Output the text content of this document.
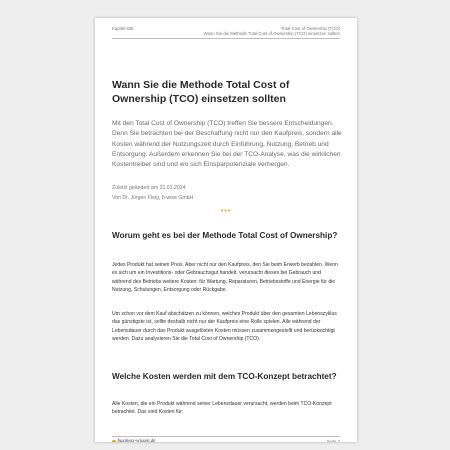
Kapitel 836	Total Cost of Ownership (TCO)
Wann Sie die Methode Total Cost of Ownership (TCO) einsetzen sollten
Wann Sie die Methode Total Cost of Ownership (TCO) einsetzen sollten
Mit den Total Cost of Ownership (TCO) treffen Sie bessere Entscheidungen. Denn Sie betrachten bei der Beschaffung nicht nur den Kaufpreis, sondern alle Kosten während der Nutzungszeit durch Einführung, Nutzung, Betrieb und Entsorgung. Außerdem erkennen Sie bei der TCO-Analyse, was die wirklichen Kostentreiber sind und wo sich Einsparpotenziale verbergen.
Zuletzt geändert am 31.01.2024
Von Dr. Jürgen Fleig, b-wise GmbH
•••
Worum geht es bei der Methode Total Cost of Ownership?
Jedes Produkt hat seinen Preis. Aber nicht nur den Kaufpreis, den Sie beim Erwerb bezahlen. Wenn es sich um ein Investitions- oder Gebrauchsgut handelt, verursacht dieses bei Gebrauch und während des Betriebs weitere Kosten: für Wartung, Reparaturen, Betriebsstoffe und Energie für die Nutzung, Schulungen, Entsorgung oder Rückgabe.
Um schon vor dem Kauf abschätzen zu können, welches Produkt über den gesamten Lebenszyklus das günstigste ist, sollte deshalb nicht nur der Kaufpreis eine Rolle spielen. Alle während der Lebensdauer durch das Produkt ausgelösten Kosten müssen zusammengestellt und berücksichtigt werden. Dazu analysieren Sie die Total Cost of Ownership (TCO).
Welche Kosten werden mit dem TCO-Konzept betrachtet?
Alle Kosten, die ein Produkt während seiner Lebensdauer verursacht, werden beim TCO-Konzept betrachtet. Das sind Kosten für:
business-wissen.de	Seite 2
